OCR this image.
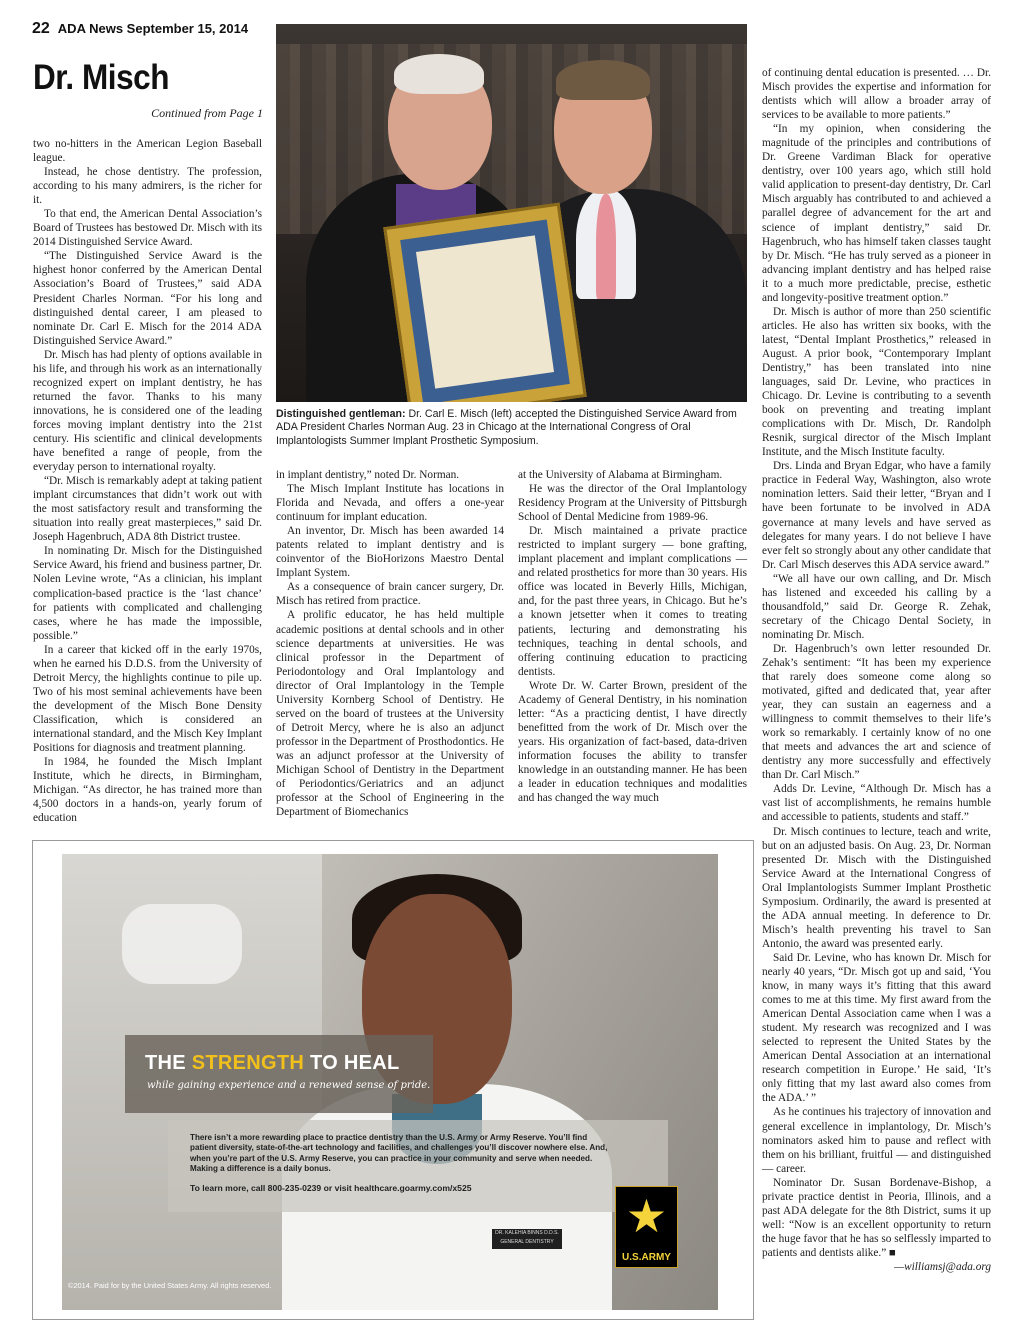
22 ADA News September 15, 2014
Dr. Misch
Continued from Page 1
Distinguished gentleman: Dr. Carl E. Misch (left) accepted the Distinguished Service Award from ADA President Charles Norman Aug. 23 in Chicago at the International Congress of Oral Implantologists Summer Implant Prosthetic Symposium.

two no-hitters in the American Legion Baseball league.

Instead, he chose dentistry. The profession, according to his many admirers, is the richer for it.

To that end, the American Dental Association’s Board of Trustees has bestowed Dr. Misch with its 2014 Distinguished Service Award.

“The Distinguished Service Award is the highest honor conferred by the American Dental Association’s Board of Trustees,” said ADA President Charles Norman. “For his long and distinguished dental career, I am pleased to nominate Dr. Carl E. Misch for the 2014 ADA Distinguished Service Award.”

Dr. Misch has had plenty of options available in his life, and through his work as an internationally recognized expert on implant dentistry, he has returned the favor. Thanks to his many innovations, he is considered one of the leading forces moving implant dentistry into the 21st century. His scientific and clinical developments have benefited a range of people, from the everyday person to international royalty.

“Dr. Misch is remarkably adept at taking patient implant circumstances that didn’t work out with the most satisfactory result and transforming the situation into really great masterpieces,” said Dr. Joseph Hagenbruch, ADA 8th District trustee.

In nominating Dr. Misch for the Distinguished Service Award, his friend and business partner, Dr. Nolen Levine wrote, “As a clinician, his implant complication-based practice is the ‘last chance’ for patients with complicated and challenging cases, where he has made the impossible, possible.”

In a career that kicked off in the early 1970s, when he earned his D.D.S. from the University of Detroit Mercy, the highlights continue to pile up. Two of his most seminal achievements have been the development of the Misch Bone Density Classification, which is considered an international standard, and the Misch Key Implant Positions for diagnosis and treatment planning.

In 1984, he founded the Misch Implant Institute, which he directs, in Birmingham, Michigan. “As director, he has trained more than 4,500 doctors in a hands-on, yearly forum of education

in implant dentistry,” noted Dr. Norman.

The Misch Implant Institute has locations in Florida and Nevada, and offers a one-year continuum for implant education.

An inventor, Dr. Misch has been awarded 14 patents related to implant dentistry and is coinventor of the BioHorizons Maestro Dental Implant System.

As a consequence of brain cancer surgery, Dr. Misch has retired from practice.

A prolific educator, he has held multiple academic positions at dental schools and in other science departments at universities. He was clinical professor in the Department of Periodontology and Oral Implantology and director of Oral Implantology in the Temple University Kornberg School of Dentistry. He served on the board of trustees at the University of Detroit Mercy, where he is also an adjunct professor in the Department of Prosthodontics. He was an adjunct professor at the University of Michigan School of Dentistry in the Department of Periodontics/Geriatrics and an adjunct professor at the School of Engineering in the Department of Biomechanics

at the University of Alabama at Birmingham.

He was the director of the Oral Implantology Residency Program at the University of Pittsburgh School of Dental Medicine from 1989-96.

Dr. Misch maintained a private practice restricted to implant surgery — bone grafting, implant placement and implant complications — and related prosthetics for more than 30 years. His office was located in Beverly Hills, Michigan, and, for the past three years, in Chicago. But he’s a known jetsetter when it comes to treating patients, lecturing and demonstrating his techniques, teaching in dental schools, and offering continuing education to practicing dentists.

Wrote Dr. W. Carter Brown, president of the Academy of General Dentistry, in his nomination letter: “As a practicing dentist, I have directly benefitted from the work of Dr. Misch over the years. His organization of fact-based, data-driven information focuses the ability to transfer knowledge in an outstanding manner. He has been a leader in education techniques and modalities and has changed the way much

of continuing dental education is presented. … Dr. Misch provides the expertise and information for dentists which will allow a broader array of services to be available to more patients.”

“In my opinion, when considering the magnitude of the principles and contributions of Dr. Greene Vardiman Black for operative dentistry, over 100 years ago, which still hold valid application to present-day dentistry, Dr. Carl Misch arguably has contributed to and achieved a parallel degree of advancement for the art and science of implant dentistry,” said Dr. Hagenbruch, who has himself taken classes taught by Dr. Misch. “He has truly served as a pioneer in advancing implant dentistry and has helped raise it to a much more predictable, precise, esthetic and longevity-positive treatment option.”

Dr. Misch is author of more than 250 scientific articles. He also has written six books, with the latest, “Dental Implant Prosthetics,” released in August. A prior book, “Contemporary Implant Dentistry,” has been translated into nine languages, said Dr. Levine, who practices in Chicago. Dr. Levine is contributing to a seventh book on preventing and treating implant complications with Dr. Misch, Dr. Randolph Resnik, surgical director of the Misch Implant Institute, and the Misch Institute faculty.

Drs. Linda and Bryan Edgar, who have a family practice in Federal Way, Washington, also wrote nomination letters. Said their letter, “Bryan and I have been fortunate to be involved in ADA governance at many levels and have served as delegates for many years. I do not believe I have ever felt so strongly about any other candidate that Dr. Carl Misch deserves this ADA service award.”

“We all have our own calling, and Dr. Misch has listened and exceeded his calling by a thousandfold,” said Dr. George R. Zehak, secretary of the Chicago Dental Society, in nominating Dr. Misch.

Dr. Hagenbruch’s own letter resounded Dr. Zehak’s sentiment: “It has been my experience that rarely does someone come along so motivated, gifted and dedicated that, year after year, they can sustain an eagerness and a willingness to commit themselves to their life’s work so remarkably. I certainly know of no one that meets and advances the art and science of dentistry any more successfully and effectively than Dr. Carl Misch.”

Adds Dr. Levine, “Although Dr. Misch has a vast list of accomplishments, he remains humble and accessible to patients, students and staff.”

Dr. Misch continues to lecture, teach and write, but on an adjusted basis. On Aug. 23, Dr. Norman presented Dr. Misch with the Distinguished Service Award at the International Congress of Oral Implantologists Summer Implant Prosthetic Symposium. Ordinarily, the award is presented at the ADA annual meeting. In deference to Dr. Misch’s health preventing his travel to San Antonio, the award was presented early.

Said Dr. Levine, who has known Dr. Misch for nearly 40 years, “Dr. Misch got up and said, ‘You know, in many ways it’s fitting that this award comes to me at this time. My first award from the American Dental Association came when I was a student. My research was recognized and I was selected to represent the United States by the American Dental Association at an international research competition in Europe.’ He said, ‘It’s only fitting that my last award also comes from the ADA.’ ”

As he continues his trajectory of innovation and general excellence in implantology, Dr. Misch’s nominators asked him to pause and reflect with them on his brilliant, fruitful — and distinguished — career.

Nominator Dr. Susan Bordenave-Bishop, a private practice dentist in Peoria, Illinois, and a past ADA delegate for the 8th District, sums it up well: “Now is an excellent opportunity to return the huge favor that he has so selflessly imparted to patients and dentists alike.” ■

—williamsj@ada.org

DR. KALEHIA BINNS D.D.S. GENERAL DENTISTRY
THE STRENGTH TO HEAL
while gaining experience and a renewed sense of pride.
There isn’t a more rewarding place to practice dentistry than the U.S. Army or Army Reserve. You’ll find patient diversity, state-of-the-art technology and facilities, and challenges you’ll discover nowhere else. And, when you’re part of the U.S. Army Reserve, you can practice in your community and serve when needed. Making a difference is a daily bonus.
To learn more, call 800-235-0239 or visit healthcare.goarmy.com/x525
★
U.S.ARMY
©2014. Paid for by the United States Army. All rights reserved.
